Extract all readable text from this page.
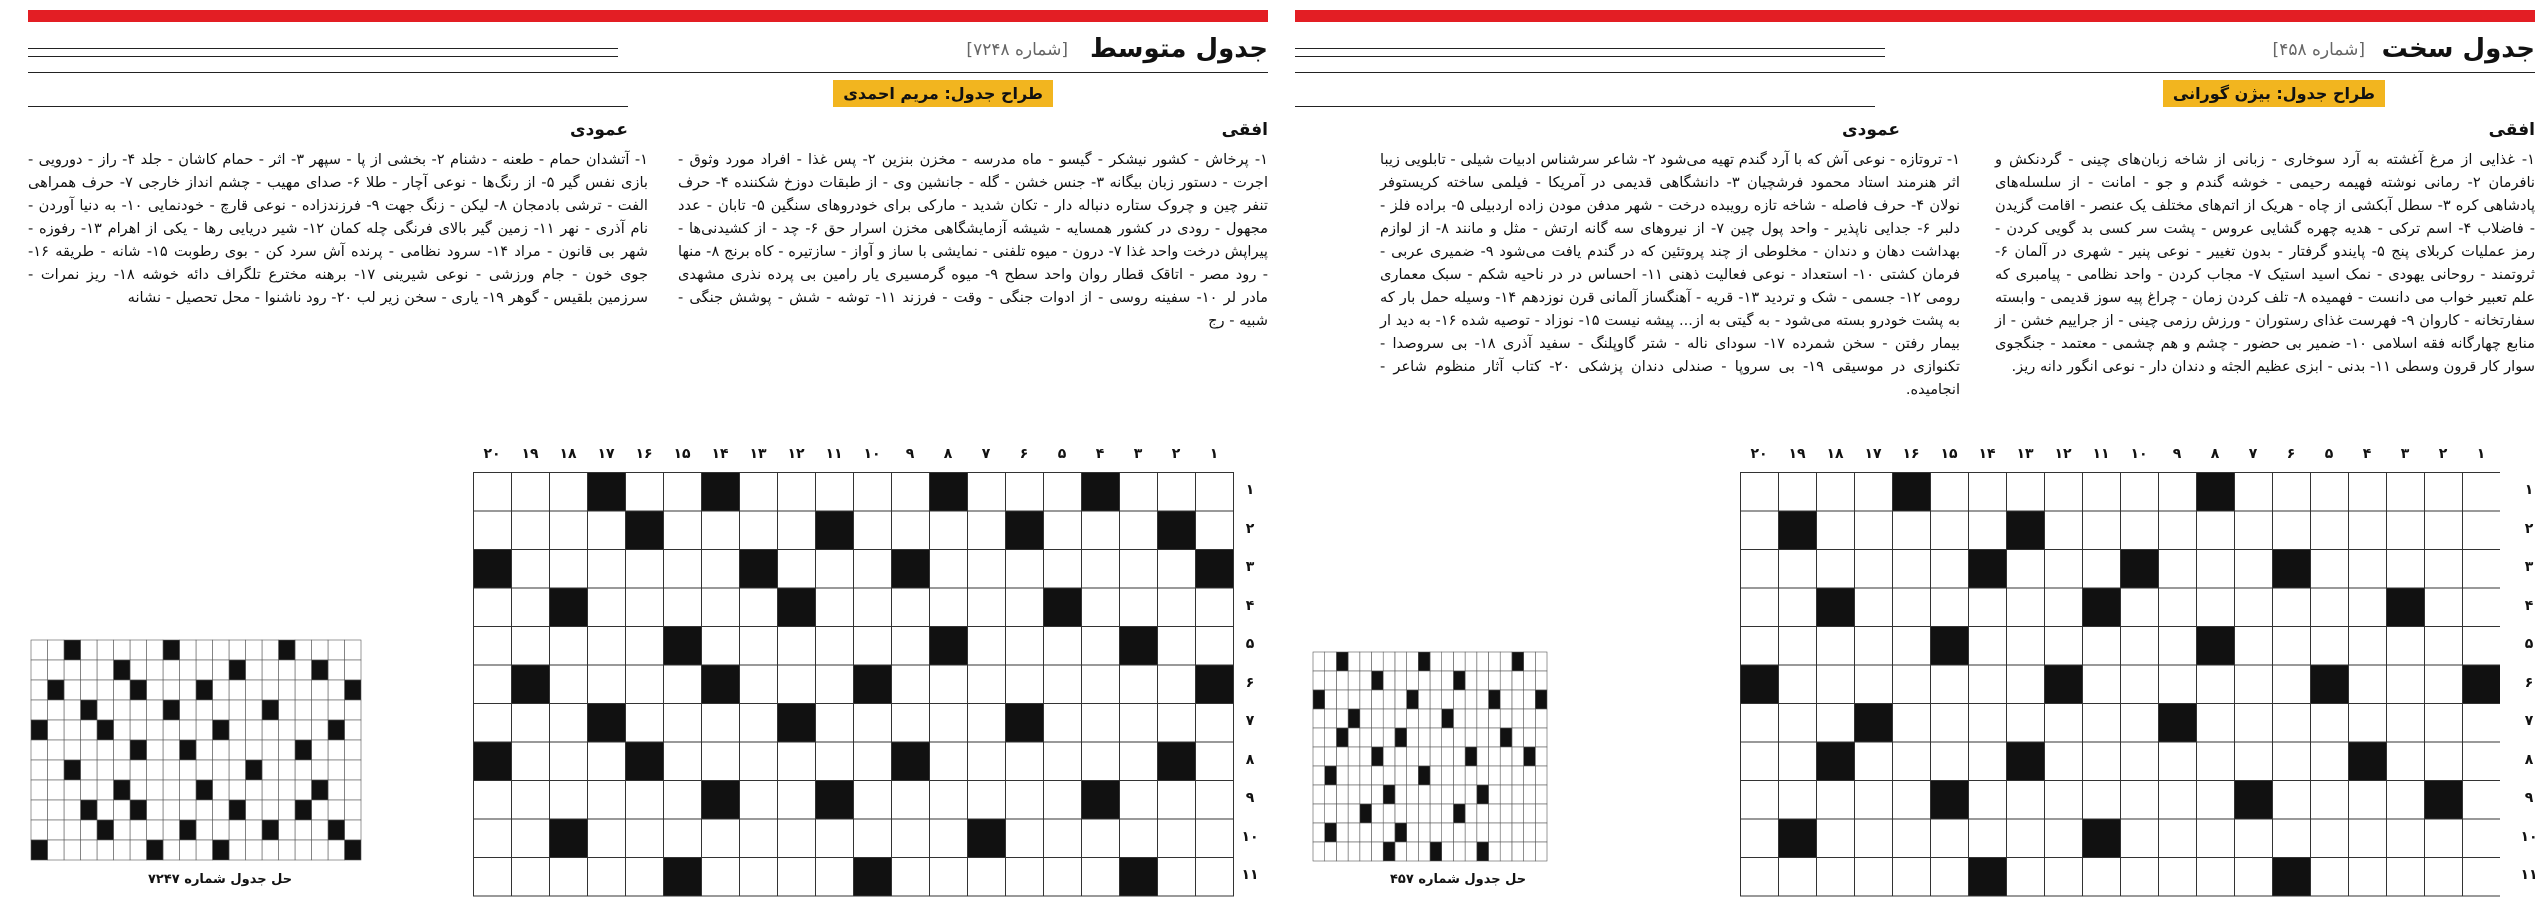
جدول سخت
[شماره ۴۵۸]
طراح جدول: بیژن گورانی
افقی

۱- غذایی از مرغ آغشته به آرد سوخاری - زبانی از شاخه زبان‌های چینی - گردنکش و نافرمان ۲- رمانی نوشته فهیمه رحیمی - خوشه گندم و جو - امانت - از سلسله‌های پادشاهی کره ۳- سطل آبکشی از چاه - هریک از اتم‌های مختلف یک عنصر - اقامت گزیدن - فاضلاب ۴- اسم ترکی - هدیه چهره گشایی عروس - پشت سر کسی بد گویی کردن - رمز عملیات کربلای پنج ۵- پایندو گرفتار - بدون تغییر - نوعی پنیر - شهری در آلمان ۶- ثروتمند - روحانی یهودی - نمک اسید استیک ۷- مجاب کردن - واحد نظامی - پیامبری که علم تعبیر خواب می دانست - فهمیده ۸- تلف کردن زمان - چراغ پیه سوز قدیمی - وابسته سفارتخانه - کاروان ۹- فهرست غذای رستوران - ورزش رزمی چینی - از جراییم خشن - از منابع چهارگانه فقه اسلامی ۱۰- ضمیر بی حضور - چشم و هم چشمی - معتمد - جنگجوی سوار کار قرون وسطی ۱۱- بدنی - ابزی عظیم الجثه و دندان دار - نوعی انگور دانه ریز.

عمودی

۱- تروتازه - نوعی آش که با آرد گندم تهیه می‌شود ۲- شاعر سرشناس ادبیات شیلی - تابلویی زیبا اثر هنرمند استاد محمود فرشچیان ۳- دانشگاهی قدیمی در آمریکا - فیلمی ساخته کریستوفر نولان ۴- حرف فاصله - شاخه تازه رویبده درخت - شهر مدفن مودن زاده اردبیلی ۵- براده فلز - دلبر ۶- جدایی ناپذیر - واحد پول چین ۷- از نیروهای سه گانه ارتش - مثل و مانند ۸- از لوازم بهداشت دهان و دندان - مخلوطی از چند پروتئین که در گندم یافت می‌شود ۹- ضمیری عربی - فرمان کشتی ۱۰- استعداد - نوعی فعالیت ذهنی ۱۱- احساس در در ناحیه شکم - سبک معماری رومی ۱۲- جسمی - شک و تردید ۱۳- قریه - آهنگساز آلمانی قرن نوزدهم ۱۴- وسیله حمل بار که به پشت خودرو بسته می‌شود - به گیتی به از... پیشه نیست ۱۵- نوزاد - توصیه شده ۱۶- به دید ار بیمار رفتن - سخن شمرده ۱۷- سودای ناله - شتر گاوپلنگ - سفید آذری ۱۸- بی سروصدا - تکنوازی در موسیقی ۱۹- بی سروپا - صندلی دندان پزشکی ۲۰- کتاب آثار منظوم شاعر - انجامیده.

۲۰	۱۹	۱۸	۱۷	۱۶	۱۵	۱۴	۱۳	۱۲	۱۱	۱۰	۹	۸	۷	۶	۵	۴	۳	۲	۱
۱
۲
۳
۴
۵
۶
۷
۸
۹
۱۰
۱۱
حل جدول شماره ۴۵۷
جدول متوسط
[شماره ۷۲۴۸]
طراح جدول: مریم احمدی
افقی

۱- پرخاش - کشور نیشکر - گیسو - ماه مدرسه - مخزن بنزین ۲- پس غذا - افراد مورد وثوق - اجرت - دستور زبان بیگانه ۳- جنس خشن - گله - جانشین وی - از طبقات دوزخ شکننده ۴- حرف تنفر چین و چروک ستاره دنباله دار - تکان شدید - مارکی برای خودروهای سنگین ۵- تابان - عدد مجهول - رودی در کشور همسایه - شیشه آزمایشگاهی مخزن اسرار حق ۶- چد - از کشیدنی‌ها - پیراپش درخت واحد غذا ۷- درون - میوه تلفنی - نمایشی با ساز و آواز - سازتیره - کاه برنج ۸- منها - رود مصر - اتاقک قطار روان واحد سطح ۹- میوه گرمسیری یار رامین بی پرده نذری مشهدی مادر لر ۱۰- سفینه روسی - از ادوات جنگی - وقت - فرزند ۱۱- توشه - شش - پوشش جنگی - شبیه - رج

عمودی

۱- آتشدان حمام - طعنه - دشنام ۲- بخشی از پا - سپهر ۳- اثر - حمام کاشان - جلد ۴- راز - دورویی - بازی نفس گیر ۵- از رنگ‌ها - نوعی آچار - طلا ۶- صدای مهیب - چشم انداز خارجی ۷- حرف همراهی الفت - ترشی بادمجان ۸- لیکن - زنگ جهت ۹- فرزندزاده - نوعی قارچ - خودنمایی ۱۰- به دنیا آوردن - نام آذری - نهر ۱۱- زمین گیر بالای فرنگی چله کمان ۱۲- شیر دریایی رها - یکی از اهرام ۱۳- رفوزه - شهر بی قانون - مراد ۱۴- سرود نظامی - پرنده آش سرد کن - بوی رطوبت ۱۵- شانه - طریقه ۱۶- جوی خون - جام ورزشی - نوعی شیرینی ۱۷- برهنه مخترع تلگراف دائه خوشه ۱۸- ریز نمرات - سرزمین بلقیس - گوهر ۱۹- یاری - سخن زیر لب ۲۰- رود ناشنوا - محل تحصیل - نشانه

۲۰	۱۹	۱۸	۱۷	۱۶	۱۵	۱۴	۱۳	۱۲	۱۱	۱۰	۹	۸	۷	۶	۵	۴	۳	۲	۱
۱
۲
۳
۴
۵
۶
۷
۸
۹
۱۰
۱۱
حل جدول شماره ۷۲۴۷
